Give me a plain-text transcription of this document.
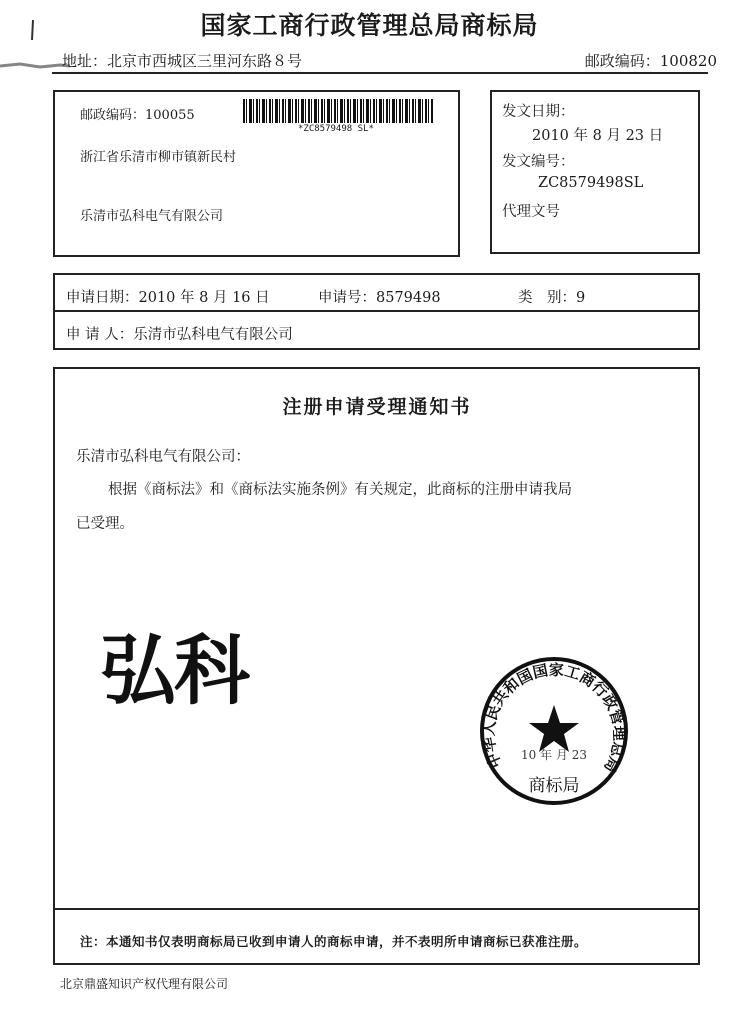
国家工商行政管理总局商标局
地址：北京市西城区三里河东路８号	邮政编码：100820
邮政编码：100055
*ZC8579498 SL*
浙江省乐清市柳市镇新民村
乐清市弘科电气有限公司
发文日期：
2010 年 8 月 23 日
发文编号：
ZC8579498SL
代理文号
申请日期：2010 年 8 月 16 日	申请号：8579498	类　别：9
申 请 人：乐清市弘科电气有限公司
注册申请受理通知书
乐清市弘科电气有限公司：
根据《商标法》和《商标法实施条例》有关规定，此商标的注册申请我局
已受理。
弘科
中华人民共和国国家工商行政管理总局
10 年 月 23
商标局
注：本通知书仅表明商标局已收到申请人的商标申请，并不表明所申请商标已获准注册。
北京鼎盛知识产权代理有限公司
